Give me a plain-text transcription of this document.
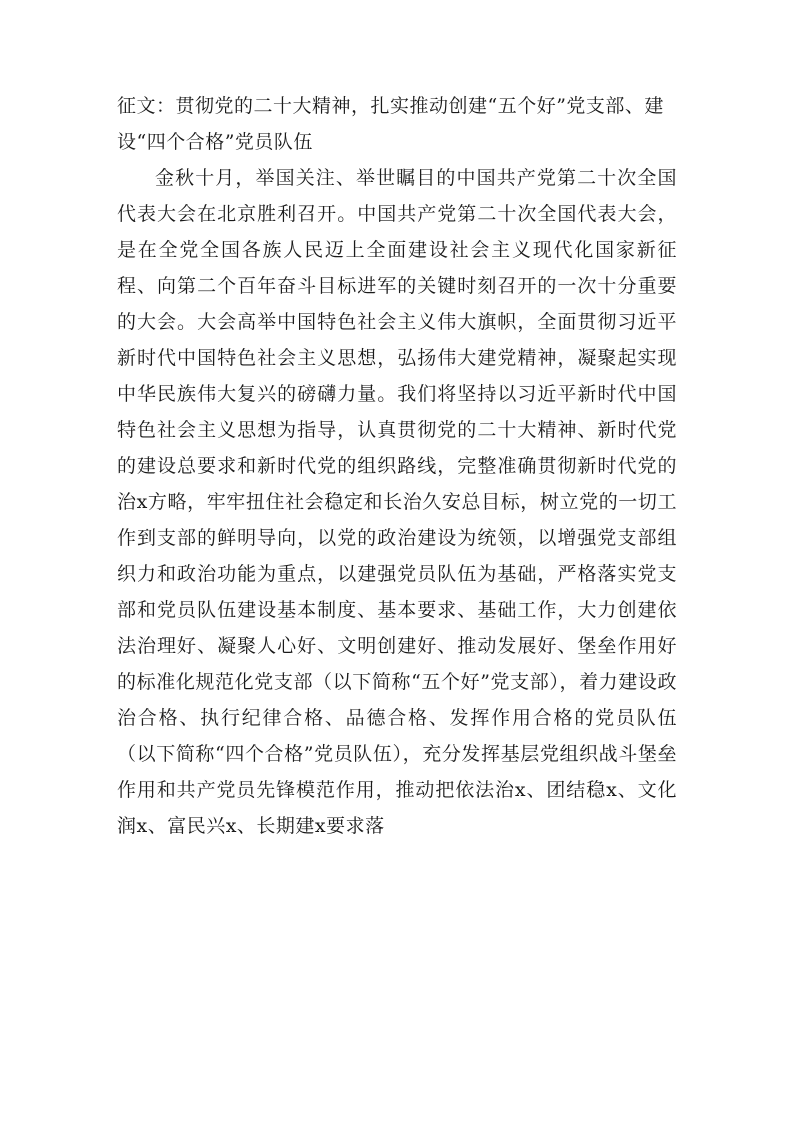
征文：贯彻党的二十大精神，扎实推动创建“五个好”党支部、建设“四个合格”党员队伍

金秋十月，举国关注、举世瞩目的中国共产党第二十次全国代表大会在北京胜利召开。中国共产党第二十次全国代表大会，是在全党全国各族人民迈上全面建设社会主义现代化国家新征程、向第二个百年奋斗目标进军的关键时刻召开的一次十分重要的大会。大会高举中国特色社会主义伟大旗帜，全面贯彻习近平新时代中国特色社会主义思想，弘扬伟大建党精神，凝聚起实现中华民族伟大复兴的磅礴力量。我们将坚持以习近平新时代中国特色社会主义思想为指导，认真贯彻党的二十大精神、新时代党的建设总要求和新时代党的组织路线，完整准确贯彻新时代党的治x方略，牢牢扭住社会稳定和长治久安总目标，树立党的一切工作到支部的鲜明导向，以党的政治建设为统领，以增强党支部组织力和政治功能为重点，以建强党员队伍为基础，严格落实党支部和党员队伍建设基本制度、基本要求、基础工作，大力创建依法治理好、凝聚人心好、文明创建好、推动发展好、堡垒作用好的标准化规范化党支部（以下简称“五个好”党支部），着力建设政治合格、执行纪律合格、品德合格、发挥作用合格的党员队伍（以下简称“四个合格”党员队伍），充分发挥基层党组织战斗堡垒作用和共产党员先锋模范作用，推动把依法治x、团结稳x、文化润x、富民兴x、长期建x要求落
